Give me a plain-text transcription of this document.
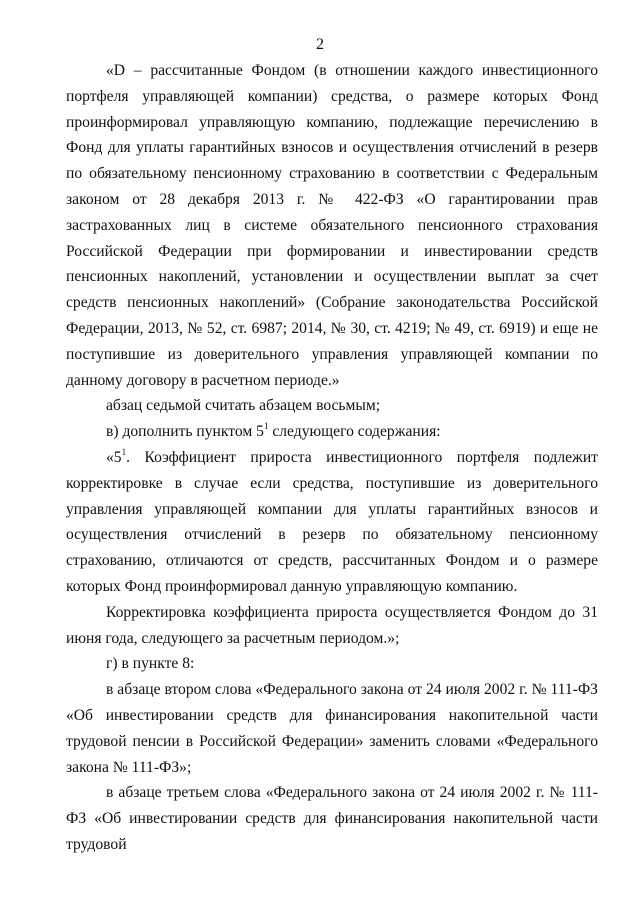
2

«D – рассчитанные Фондом (в отношении каждого инвестиционного портфеля управляющей компании) средства, о размере которых Фонд проинформировал управляющую компанию, подлежащие перечислению в Фонд для уплаты гарантийных взносов и осуществления отчислений в резерв по обязательному пенсионному страхованию в соответствии с Федеральным законом от 28 декабря 2013 г. № 422-ФЗ «О гарантировании прав застрахованных лиц в системе обязательного пенсионного страхования Российской Федерации при формировании и инвестировании средств пенсионных накоплений, установлении и осуществлении выплат за счет средств пенсионных накоплений» (Собрание законодательства Российской Федерации, 2013, № 52, ст. 6987; 2014, № 30, ст. 4219; № 49, ст. 6919) и еще не поступившие из доверительного управления управляющей компании по данному договору в расчетном периоде.»

абзац седьмой считать абзацем восьмым;

в) дополнить пунктом $5^1$ следующего содержания:

«$5^1$. Коэффициент прироста инвестиционного портфеля подлежит корректировке в случае если средства, поступившие из доверительного управления управляющей компании для уплаты гарантийных взносов и осуществления отчислений в резерв по обязательному пенсионному страхованию, отличаются от средств, рассчитанных Фондом и о размере которых Фонд проинформировал данную управляющую компанию.

Корректировка коэффициента прироста осуществляется Фондом до 31 июня года, следующего за расчетным периодом.»;

г) в пункте 8:

в абзаце втором слова «Федерального закона от 24 июля 2002 г. № 111-ФЗ «Об инвестировании средств для финансирования накопительной части трудовой пенсии в Российской Федерации» заменить словами «Федерального закона № 111-ФЗ»;

в абзаце третьем слова «Федерального закона от 24 июля 2002 г. № 111-ФЗ «Об инвестировании средств для финансирования накопительной части трудовой
